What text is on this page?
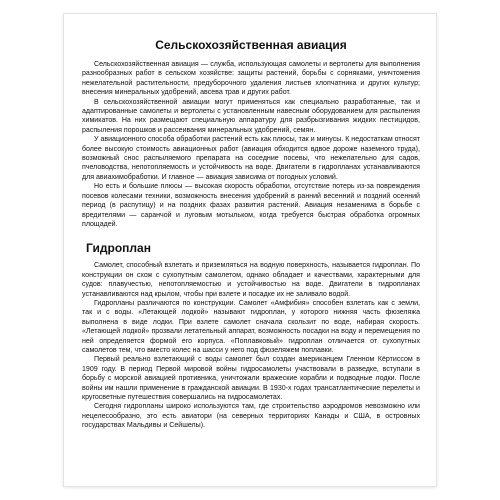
Сельскохозяйственная авиация

Сельскохозяйственная авиация — служба, использующая самолеты и вертолеты для выполнения разнообразных работ в сельском хозяйстве: защиты растений, борьбы с сорняками, уничтожения нежелательной растительности, предуборочного удаления листьев хлопчатника и других культур; внесения минеральных удобрений, авсева трав и других работ.

В сельскохозяйственной авиации могут применяться как специально разработанные, так и адаптированные самолеты и вертолеты с установленным навесным оборудованием для распыления химикатов. На них размещают специальную аппаратуру для разбрызгивания жидких пестицидов, распыления порошков и рассеивания минеральных удобрений, семян.

У авиационного способа обработки растений есть как плюсы, так и минусы. К недостаткам относят более высокую стоимость авиационных работ (авиация обходится вдвое дороже наземного труда), возможный снос распыляемого препарата на соседние посевы, что нежелательно для садов, пчеловодства, непотопляемость и устойчивость на воде. Двигатели в гидропланах устанавливаются для авиахимобработки. И главное — авиация зависима от погодных условий.

Но есть и большие плюсы — высокая скорость обработки, отсутствие потерь из-за повреждения посевов колесами техники, возможность внесения удобрений в ранний весенний и поздний осенний период (в распутицу) и на поздних фазах развития растений. Авиация незаменима в борьбе с вредителями — саранчой и луговым мотыльком, когда требуется быстрая обработка огромных площадей.

Гидроплан

Самолет, способный взлетать и приземляться на водную поверхность, называется гидроплан. По конструкции он схож с сухопутным самолетом, однако обладает и качествами, характерными для судов: плавучестью, непотопляемостью и устойчивостью на воде. Двигатели в гидропланах устанавливаются над крылом, чтобы при взлете и посадке их не заливало водой.

Гидропланы различаются по конструкции. Самолет «Амфибия» способен взлетать как с земли, так и с воды. «Летающей лодкой» называют гидроплан, у которого нижняя часть фюзеляжа выполнена в виде лодки. При взлете самолет сначала скользит по воде, набирая скорость. «Летающей лодкой» прозвали летательный аппарат, возможность посадки на воду и перемещения по ней определяется формой его корпуса. «Поплавковый» гидроплан отличается от сухопутных самолетов тем, что вместо колес на шасси у него под фюзеляжем поплавки.

Первый реально взлетающий с воды самолет был создан американцем Гленном Кёртиссом в 1909 году. В период Первой мировой войны гидросамолеты участвовали в разведке, вступали в борьбу с морской авиацией противника, уничтожали вражеские корабли и подводные лодки. После войны им нашли применение в гражданской авиации. В 1930-х годах трансатлантические перелеты и кругосветные путешествия совершались на гидросамолетах.

Сегодня гидропланы широко используются там, где строительство аэродромов невозможно или нецелесообразно, это есть авиатори (на северных территориях Канады и США, в островных государствах Мальдивы и Сейшелы).
